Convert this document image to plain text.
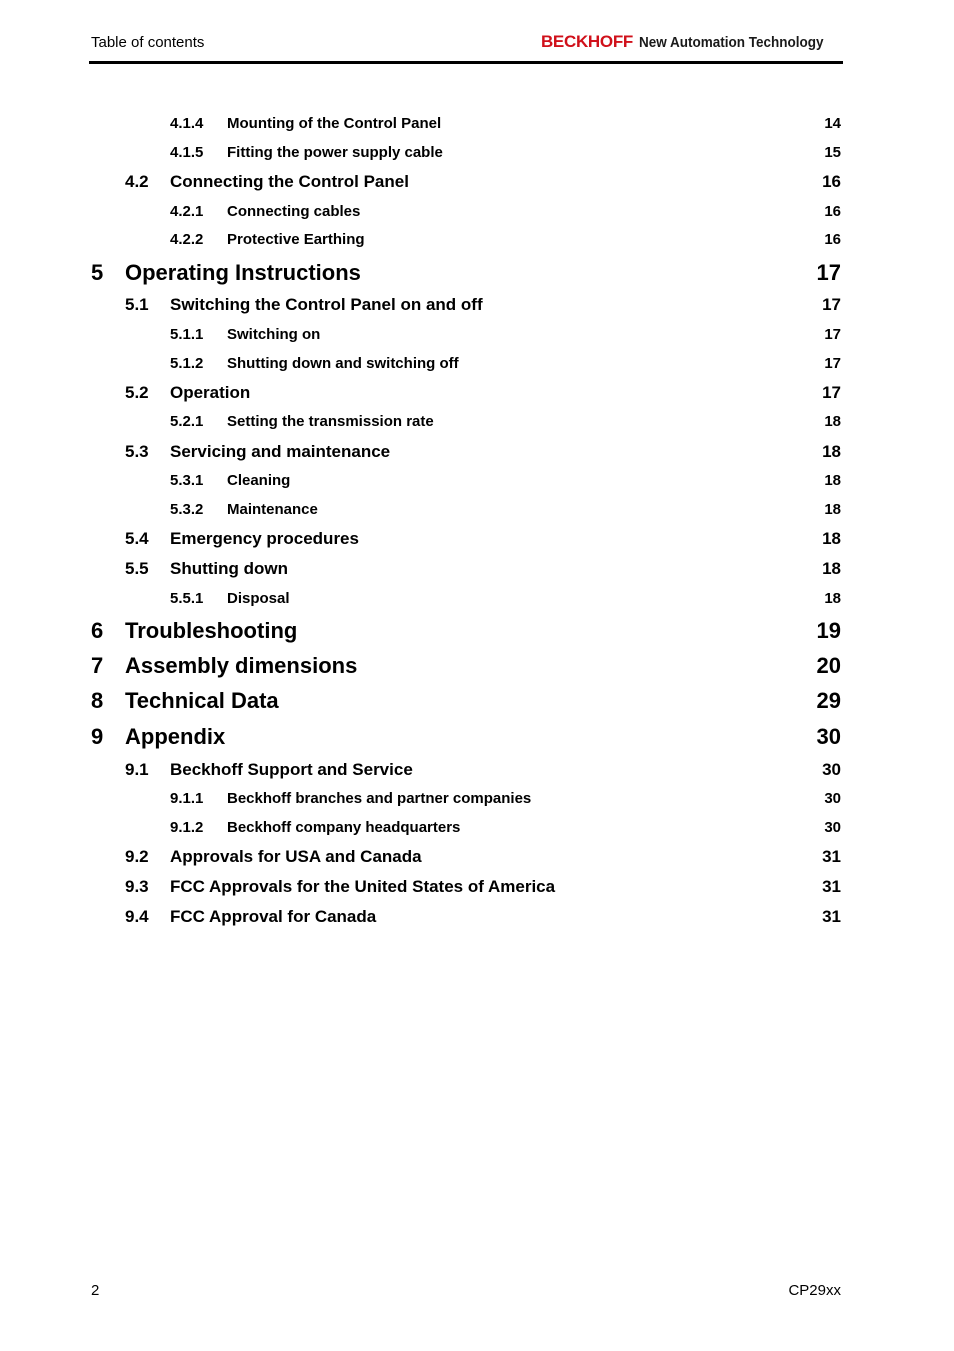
Table of contents	BECKHOFF New Automation Technology
4.1.4 Mounting of the Control Panel	14
4.1.5 Fitting the power supply cable	15
4.2 Connecting the Control Panel	16
4.2.1 Connecting cables	16
4.2.2 Protective Earthing	16
5 Operating Instructions	17
5.1 Switching the Control Panel on and off	17
5.1.1 Switching on	17
5.1.2 Shutting down and switching off	17
5.2 Operation	17
5.2.1 Setting the transmission rate	18
5.3 Servicing and maintenance	18
5.3.1 Cleaning	18
5.3.2 Maintenance	18
5.4 Emergency procedures	18
5.5 Shutting down	18
5.5.1 Disposal	18
6 Troubleshooting	19
7 Assembly dimensions	20
8 Technical Data	29
9 Appendix	30
9.1 Beckhoff Support and Service	30
9.1.1 Beckhoff branches and partner companies	30
9.1.2 Beckhoff company headquarters	30
9.2 Approvals for USA and Canada	31
9.3 FCC Approvals for the United States of America	31
9.4 FCC Approval for Canada	31
2	CP29xx
